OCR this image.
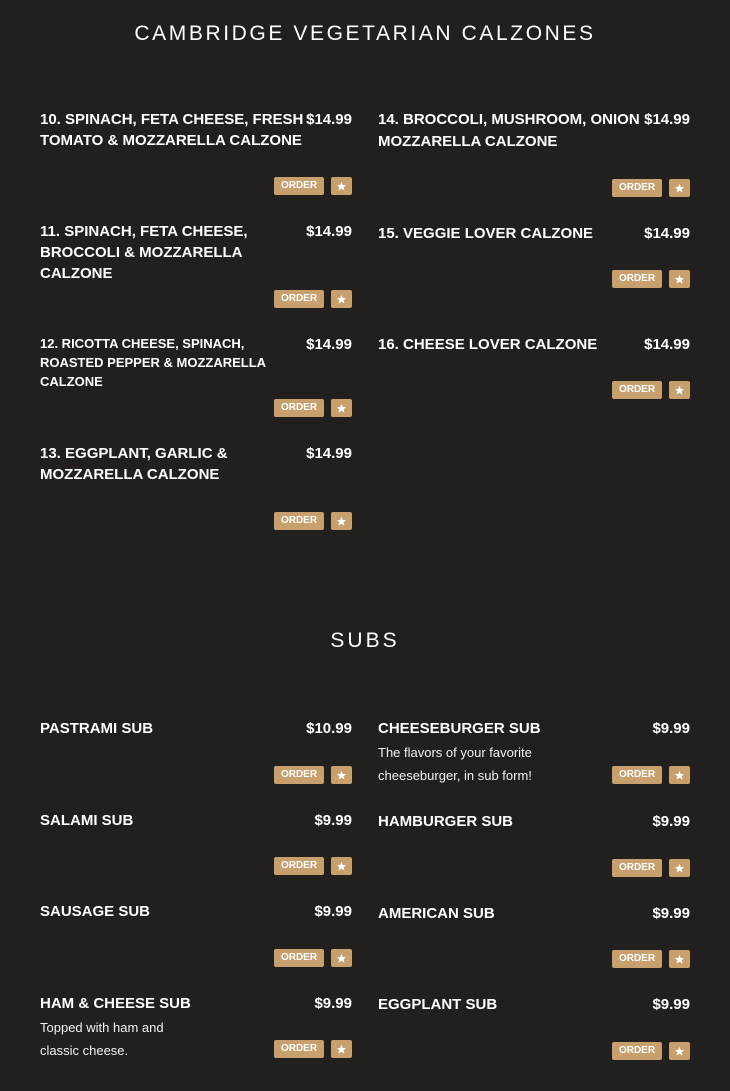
CAMBRIDGE VEGETARIAN CALZONES
10. SPINACH, FETA CHEESE, FRESH TOMATO & MOZZARELLA CALZONE
$14.99
ORDER
11. SPINACH, FETA CHEESE, BROCCOLI & MOZZARELLA CALZONE
$14.99
ORDER
12. RICOTTA CHEESE, SPINACH, ROASTED PEPPER & MOZZARELLA CALZONE
$14.99
ORDER
13. EGGPLANT, GARLIC & MOZZARELLA CALZONE
$14.99
ORDER
14. BROCCOLI, MUSHROOM, ONION MOZZARELLA CALZONE
$14.99
ORDER
15. VEGGIE LOVER CALZONE	$14.99
ORDER
16. CHEESE LOVER CALZONE	$14.99
ORDER
SUBS
PASTRAMI SUB	$10.99
ORDER
SALAMI SUB	$9.99
ORDER
SAUSAGE SUB	$9.99
ORDER
HAM & CHEESE SUB	$9.99
Topped with ham and classic cheese.	ORDER
CHEESEBURGER SUB	$9.99
The flavors of your favorite cheeseburger, in sub form!	ORDER
HAMBURGER SUB	$9.99
ORDER
AMERICAN SUB	$9.99
ORDER
EGGPLANT SUB	$9.99
ORDER
